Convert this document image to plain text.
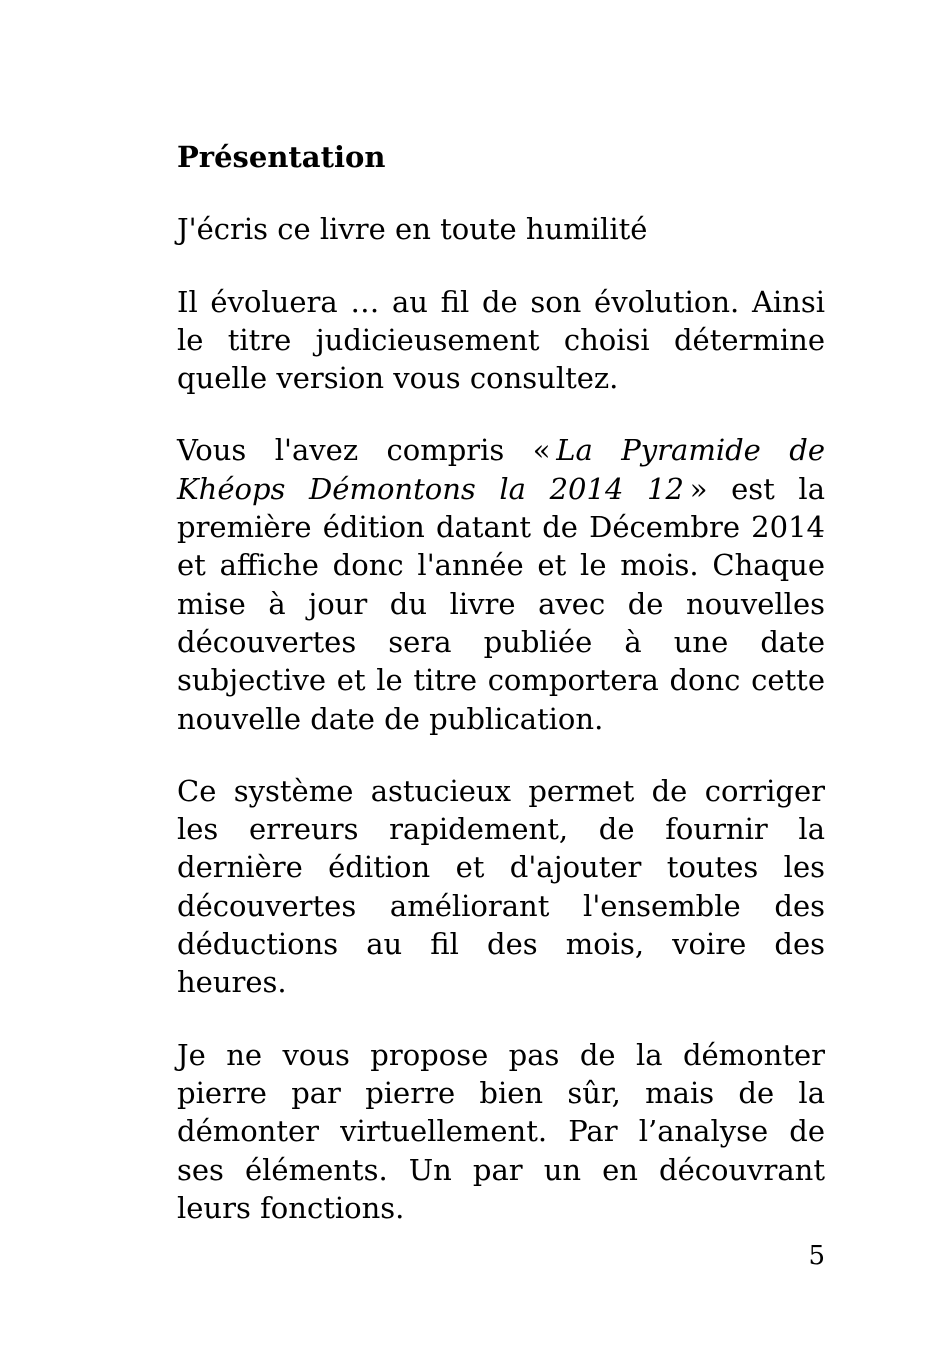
Présentation

J'écris ce livre en toute humilité

Il évoluera … au fil de son évolution. Ainsi le titre judicieusement choisi détermine quelle version vous consultez.

Vous l'avez compris «  La Pyramide de Khéops Démontons la 2014 12  » est la première édition datant de Décembre 2014 et affiche donc l'année et le mois. Chaque mise à jour du livre avec de nouvelles découvertes sera publiée à une date subjective et le titre comportera donc cette nouvelle date de publication.

Ce système astucieux permet de corriger les erreurs rapidement, de fournir la dernière édition et d'ajouter toutes les découvertes améliorant l'ensemble des déductions au fil des mois, voire des heures.

Je ne vous propose pas de la démonter pierre par pierre bien sûr, mais de la démonter virtuellement. Par l’analyse de ses éléments. Un par un en découvrant leurs fonctions.

5
